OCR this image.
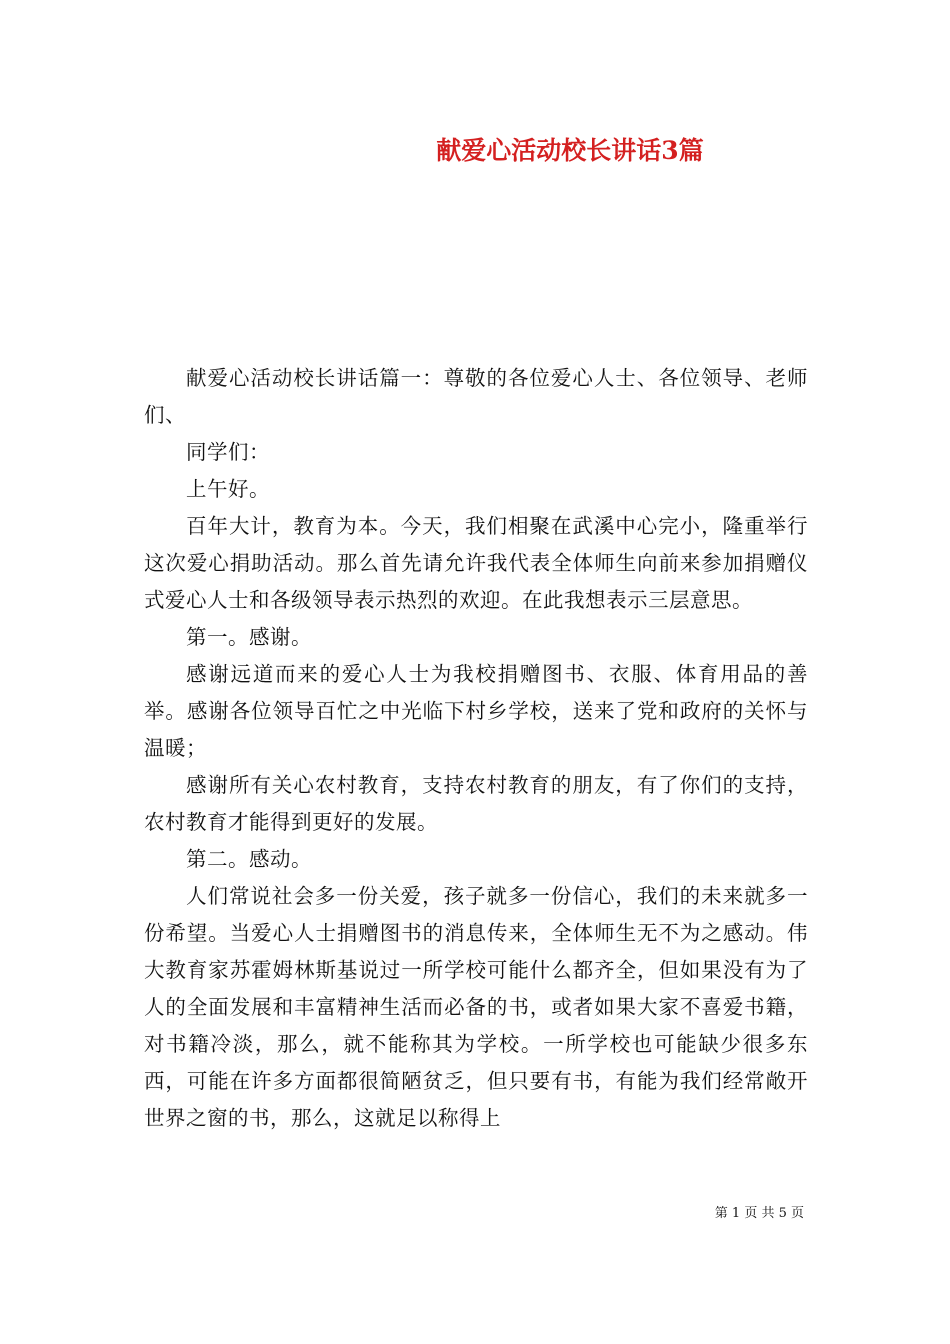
献爱心活动校长讲话3篇

献爱心活动校长讲话篇一：尊敬的各位爱心人士、各位领导、老师们、

同学们：

上午好。

百年大计，教育为本。今天，我们相聚在武溪中心完小，隆重举行这次爱心捐助活动。那么首先请允许我代表全体师生向前来参加捐赠仪式爱心人士和各级领导表示热烈的欢迎。在此我想表示三层意思。

第一。感谢。

感谢远道而来的爱心人士为我校捐赠图书、衣服、体育用品的善举。感谢各位领导百忙之中光临下村乡学校，送来了党和政府的关怀与温暖；

感谢所有关心农村教育，支持农村教育的朋友，有了你们的支持，农村教育才能得到更好的发展。

第二。感动。

人们常说社会多一份关爱，孩子就多一份信心，我们的未来就多一份希望。当爱心人士捐赠图书的消息传来，全体师生无不为之感动。伟大教育家苏霍姆林斯基说过一所学校可能什么都齐全，但如果没有为了人的全面发展和丰富精神生活而必备的书，或者如果大家不喜爱书籍，对书籍冷淡，那么，就不能称其为学校。一所学校也可能缺少很多东西，可能在许多方面都很简陋贫乏，但只要有书，有能为我们经常敞开世界之窗的书，那么，这就足以称得上

第 1 页 共 5 页
